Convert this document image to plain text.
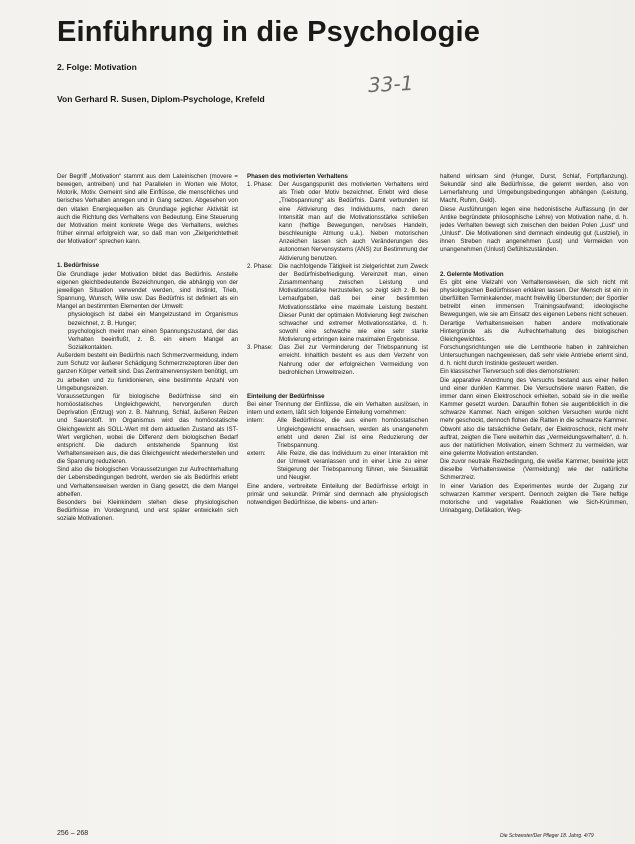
Einführung in die Psychologie
2. Folge: Motivation
Von Gerhard R. Susen, Diplom-Psychologe, Krefeld
33-1

Der Begriff „Motivation“ stammt aus dem Lateinischen (movere = bewegen, antreiben) und hat Parallelen in Worten wie Motor, Motorik, Motiv. Gemeint sind alle Einflüsse, die menschliches und tierisches Verhalten anregen und in Gang setzen. Abgesehen von den vitalen Energiequellen als Grundlage jeglicher Aktivität ist auch die Richtung des Verhaltens von Bedeutung. Eine Steuerung der Motivation meint konkrete Wege des Verhaltens, welches früher einmal erfolgreich war, so daß man von „Zielgerichtetheit der Motivation“ sprechen kann.

1. Bedürfnisse

Die Grundlage jeder Motivation bildet das Bedürfnis. Anstelle eigenen gleichbedeutende Bezeichnungen, die abhängig von der jeweiligen Situation verwendet werden, sind Instinkt, Trieb, Spannung, Wunsch, Wille usw. Das Bedürfnis ist definiert als ein Mangel an bestimmten Elementen der Umwelt:

physiologisch ist dabei ein Mangelzustand im Organismus bezeichnet, z. B. Hunger;

psychologisch meint man einen Spannungszustand, der das Verhalten beeinflußt, z. B. ein einem Mangel an Sozialkontakten.

Außerdem besteht ein Bedürfnis nach Schmerzvermeidung, indem zum Schutz vor äußerer Schädigung Schmerzrezeptoren über den ganzen Körper verteilt sind. Das Zentralnervensystem benötigt, um zu arbeiten und zu funktionieren, eine bestimmte Anzahl von Umgebungsreizen.

Voraussetzungen für biologische Bedürfnisse sind ein homöostatisches Ungleichgewicht, hervorgerufen durch Deprivation (Entzug) von z. B. Nahrung, Schlaf, äußeren Reizen und Sauerstoff. Im Organismus wird das homöostatische Gleichgewicht als SOLL-Wert mit dem aktuellen Zustand als IST-Wert verglichen, wobei die Differenz dem biologischen Bedarf entspricht. Die dadurch entstehende Spannung löst Verhaltensweisen aus, die das Gleichgewicht wiederherstellen und die Spannung reduzieren.

Sind also die biologischen Voraussetzungen zur Aufrechterhaltung der Lebensbedingungen bedroht, werden sie als Bedürfnis erlebt und Verhaltensweisen werden in Gang gesetzt, die dem Mangel abhelfen.

Besonders bei Kleinkindern stehen diese physiologischen Bedürfnisse im Vordergrund, und erst später entwickeln sich soziale Motivationen.

Phasen des motivierten Verhaltens

1. Phase:	Der Ausgangspunkt des motivierten Verhaltens wird als Trieb oder Motiv bezeichnet. Erlebt wird diese „Triebspannung“ als Bedürfnis. Damit verbunden ist eine Aktivierung des Individuums, nach deren Intensität man auf die Motivationsstärke schließen kann (heftige Bewegungen, nervöses Handeln, beschleunigte Atmung u.ä.). Neben motorischen Anzeichen lassen sich auch Veränderungen des autonomen Nervensystems (ANS) zur Bestimmung der Aktivierung benutzen.
2. Phase:	Die nachfolgende Tätigkeit ist zielgerichtet zum Zweck der Bedürfnisbefriedigung. Vereinzelt man, einen Zusammenhang zwischen Leistung und Motivationsstärke herzustellen, so zeigt sich z. B. bei Lernaufgaben, daß bei einer bestimmten Motivationsstärke eine maximale Leistung besteht. Dieser Punkt der optimalen Motivierung liegt zwischen schwacher und extremer Motivationsstärke, d. h. sowohl eine schwache wie eine sehr starke Motivierung erbringen keine maximalen Ergebnisse.
3. Phase:	Das Ziel zur Verminderung der Triebspannung ist erreicht. Inhaltlich besteht es aus dem Verzehr von Nahrung oder der erfolgreichen Vermeidung von bedrohlichen Umweltreizen.

Einteilung der Bedürfnisse

Bei einer Trennung der Einflüsse, die ein Verhalten auslösen, in intern und extern, läßt sich folgende Einteilung vornehmen:

intern:	Alle Bedürfnisse, die aus einem homöostatischen Ungleichgewicht erwachsen, werden als unangenehm erlebt und deren Ziel ist eine Reduzierung der Triebspannung.
extern:	Alle Reize, die das Individuum zu einer Interaktion mit der Umwelt veranlassen und in einer Linie zu einer Steigerung der Triebspannung führen, wie Sexualität und Neugier.

Eine andere, verbreitete Einteilung der Bedürfnisse erfolgt in primär und sekundär. Primär sind demnach alle physiologisch notwendigen Bedürfnisse, die lebens- und arten-

haltend wirksam sind (Hunger, Durst, Schlaf, Fortpflanzung). Sekundär sind alle Bedürfnisse, die gelernt werden, also von Lernerfahrung und Umgebungsbedingungen abhängen (Leistung, Macht, Ruhm, Geld).

Diese Ausführungen legen eine hedonistische Auffassung (in der Antike begründete philosophische Lehre) von Motivation nahe, d. h. jedes Verhalten bewegt sich zwischen den beiden Polen „Lust“ und „Unlust“. Die Motivationen sind demnach eindeutig gut (Lustziel), in ihnen Streben nach angenehmen (Lust) und Vermeiden von unangenehmen (Unlust) Gefühlszuständen.

2. Gelernte Motivation

Es gibt eine Vielzahl von Verhaltensweisen, die sich nicht mit physiologischen Bedürfnissen erklären lassen. Der Mensch ist ein in überfüllten Terminkalender, macht freiwillig Überstunden; der Sportler betreibt einen immensen Trainingsaufwand; ideologische Bewegungen, wie sie am Einsatz des eigenen Lebens nicht scheuen. Derartige Verhaltensweisen haben andere motivationale Hintergründe als die Aufrechterhaltung des biologischen Gleichgewichtes.

Forschungsrichtungen wie die Lerntheorie haben in zahlreichen Untersuchungen nachgewiesen, daß sehr viele Antriebe erlernt sind, d. h. nicht durch Instinkte gesteuert werden.

Ein klassischer Tierversuch soll dies demonstrieren:

Die apparative Anordnung des Versuchs bestand aus einer hellen und einer dunklen Kammer. Die Versuchstiere waren Ratten, die immer dann einen Elektroschock erhielten, sobald sie in die weiße Kammer gesetzt wurden. Daraufhin flohen sie augenblicklich in die schwarze Kammer. Nach einigen solchen Versuchen wurde nicht mehr geschockt, dennoch flohen die Ratten in die schwarze Kammer. Obwohl also die tatsächliche Gefahr, der Elektroschock, nicht mehr auftrat, zeigten die Tiere weiterhin das „Vermeidungsverhalten“, d. h. aus der natürlichen Motivation, einem Schmerz zu vermeiden, war eine gelernte Motivation entstanden.

Die zuvor neutrale Reizbedingung, die weiße Kammer, bewirkte jetzt dieselbe Verhaltensweise (Vermeidung) wie der natürliche Schmerzreiz.

In einer Variation des Experimentes wurde der Zugang zur schwarzen Kammer versperrt. Dennoch zeigten die Tiere heftige motorische und vegetative Reaktionen wie Sich-Krümmen, Urinabgang, Defäkation, Weg-

256 – 268	Die Schwester/Der Pfleger 18. Jahrg. 4/79
